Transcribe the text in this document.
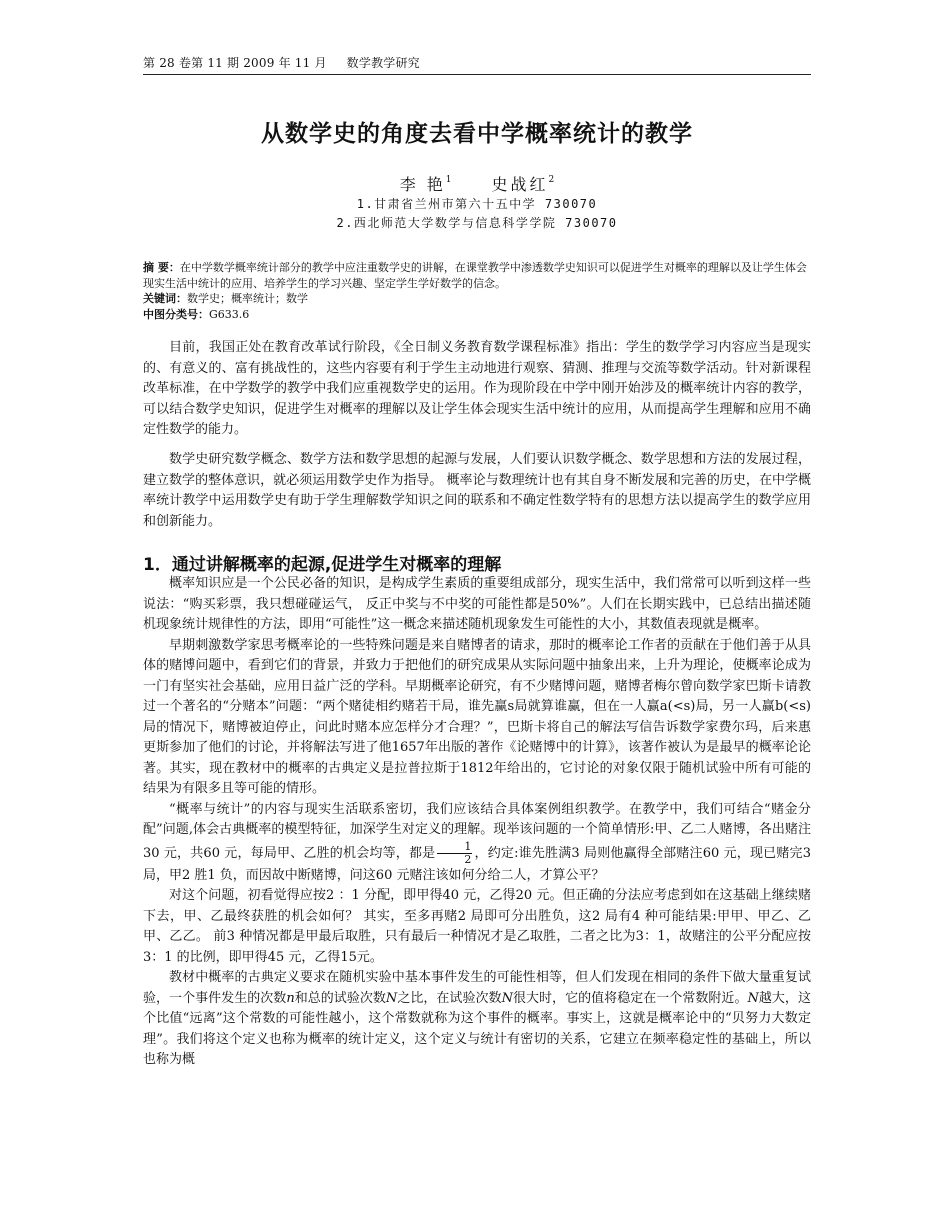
第 28 卷第 11 期 2009 年 11 月 数学教学研究
从数学史的角度去看中学概率统计的教学
李 艳$^1$	史战红$^2$
1.甘肃省兰州市第六十五中学 730070
2.西北师范大学数学与信息科学学院 730070
摘 要：在中学数学概率统计部分的教学中应注重数学史的讲解，在课堂教学中渗透数学史知识可以促进学生对概率的理解以及让学生体会现实生活中统计的应用、培养学生的学习兴趣、坚定学生学好数学的信念。
关键词：数学史；概率统计；数学
中图分类号：G633.6

目前，我国正处在教育改革试行阶段，《全日制义务教育数学课程标准》指出：学生的数学学习内容应当是现实的、有意义的、富有挑战性的，这些内容要有利于学生主动地进行观察、猜测、推理与交流等数学活动。针对新课程改革标准，在中学数学的教学中我们应重视数学史的运用。作为现阶段在中学中刚开始涉及的概率统计内容的教学，可以结合数学史知识，促进学生对概率的理解以及让学生体会现实生活中统计的应用，从而提高学生理解和应用不确定性数学的能力。

数学史研究数学概念、数学方法和数学思想的起源与发展，人们要认识数学概念、数学思想和方法的发展过程，建立数学的整体意识，就必须运用数学史作为指导。 概率论与数理统计也有其自身不断发展和完善的历史，在中学概率统计教学中运用数学史有助于学生理解数学知识之间的联系和不确定性数学特有的思想方法以提高学生的数学应用和创新能力。

1．通过讲解概率的起源,促进学生对概率的理解

概率知识应是一个公民必备的知识，是构成学生素质的重要组成部分，现实生活中，我们常常可以听到这样一些说法：“购买彩票，我只想碰碰运气， 反正中奖与不中奖的可能性都是50%”。人们在长期实践中，已总结出描述随机现象统计规律性的方法，即用“可能性”这一概念来描述随机现象发生可能性的大小，其数值表现就是概率。

早期刺激数学家思考概率论的一些特殊问题是来自赌博者的请求，那时的概率论工作者的贡献在于他们善于从具体的赌博问题中，看到它们的背景，并致力于把他们的研究成果从实际问题中抽象出来，上升为理论，使概率论成为一门有坚实社会基础，应用日益广泛的学科。早期概率论研究，有不少赌博问题，赌博者梅尔曾向数学家巴斯卡请教过一个著名的“分赌本”问题：“两个赌徒相约赌若干局，谁先赢s局就算谁赢，但在一人赢a(<s)局，另一人赢b(<s)局的情况下，赌博被迫停止，问此时赌本应怎样分才合理？”，巴斯卡将自己的解法写信告诉数学家费尔玛，后来惠更斯参加了他们的讨论，并将解法写进了他1657年出版的著作《论赌博中的计算》，该著作被认为是最早的概率论论著。其实，现在教材中的概率的古典定义是拉普拉斯于1812年给出的，它讨论的对象仅限于随机试验中所有可能的结果为有限多且等可能的情形。

“概率与统计”的内容与现实生活联系密切，我们应该结合具体案例组织教学。在教学中，我们可结合“赌金分配”问题,体会古典概率的模型特征，加深学生对定义的理解。现举该问题的一个简单情形:甲、乙二人赌博，各出赌注30 元，共60 元，每局甲、乙胜的机会均等，都是 $\frac{1}{2}$ ，约定:谁先胜满3 局则他赢得全部赌注60 元，现已赌完3 局，甲2 胜1 负，而因故中断赌博，问这60 元赌注该如何分给二人，才算公平？

对这个问题，初看觉得应按2 ：1 分配，即甲得40 元，乙得20 元。但正确的分法应考虑到如在这基础上继续赌下去，甲、乙最终获胜的机会如何？ 其实，至多再赌2 局即可分出胜负，这2 局有4 种可能结果:甲甲、甲乙、乙甲、乙乙。 前3 种情况都是甲最后取胜，只有最后一种情况才是乙取胜，二者之比为3：1，故赌注的公平分配应按3：1 的比例，即甲得45 元，乙得15元。

教材中概率的古典定义要求在随机实验中基本事件发生的可能性相等，但人们发现在相同的条件下做大量重复试验，一个事件发生的次数n和总的试验次数N之比，在试验次数N很大时，它的值将稳定在一个常数附近。N越大，这个比值“远离”这个常数的可能性越小，这个常数就称为这个事件的概率。事实上，这就是概率论中的“贝努力大数定理”。我们将这个定义也称为概率的统计定义，这个定义与统计有密切的关系，它建立在频率稳定性的基础上，所以也称为概
